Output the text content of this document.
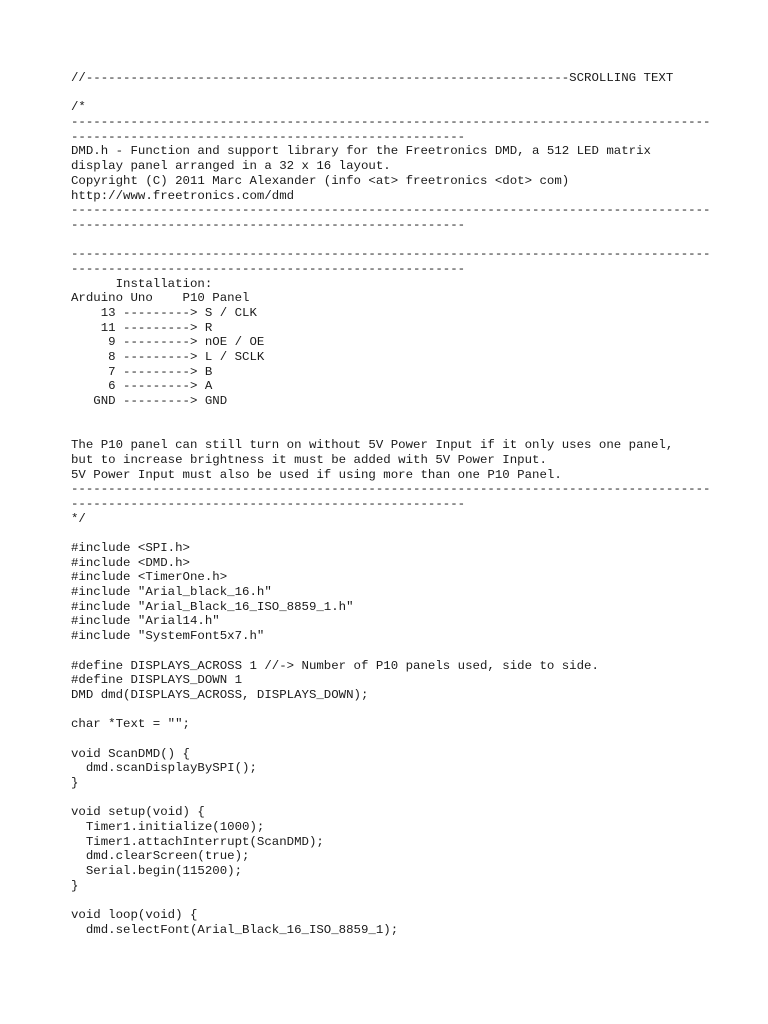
//-----------------------------------------------------------------SCROLLING TEXT
/*
--------------------------------------------------------------------------------------
-----------------------------------------------------
DMD.h - Function and support library for the Freetronics DMD, a 512 LED matrix
display panel arranged in a 32 x 16 layout.
Copyright (C) 2011 Marc Alexander (info <at> freetronics <dot> com)
http://www.freetronics.com/dmd
--------------------------------------------------------------------------------------
-----------------------------------------------------
--------------------------------------------------------------------------------------
-----------------------------------------------------
Installation:
Arduino Uno    P10 Panel
13 ---------> S / CLK
11 ---------> R
9 ---------> nOE / OE
8 ---------> L / SCLK
7 ---------> B
6 ---------> A
GND ---------> GND
The P10 panel can still turn on without 5V Power Input if it only uses one panel,
but to increase brightness it must be added with 5V Power Input.
5V Power Input must also be used if using more than one P10 Panel.
--------------------------------------------------------------------------------------
-----------------------------------------------------
*/
#include <SPI.h>
#include <DMD.h>
#include <TimerOne.h>
#include "Arial_black_16.h"
#include "Arial_Black_16_ISO_8859_1.h"
#include "Arial14.h"
#include "SystemFont5x7.h"
#define DISPLAYS_ACROSS 1 //-> Number of P10 panels used, side to side.
#define DISPLAYS_DOWN 1
DMD dmd(DISPLAYS_ACROSS, DISPLAYS_DOWN);
char *Text = "";
void ScanDMD() {
dmd.scanDisplayBySPI();
}
void setup(void) {
Timer1.initialize(1000);
Timer1.attachInterrupt(ScanDMD);
dmd.clearScreen(true);
Serial.begin(115200);
}
void loop(void) {
dmd.selectFont(Arial_Black_16_ISO_8859_1);
